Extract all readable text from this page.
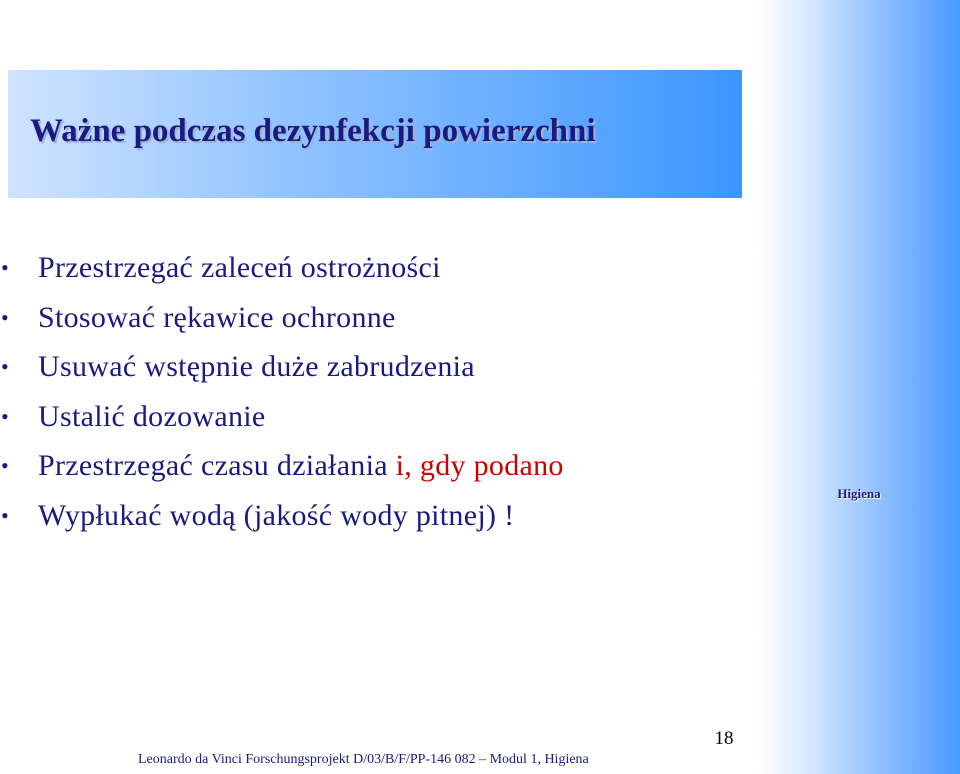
Ważne podczas dezynfekcji powierzchni
• Przestrzegać zaleceń ostrożności
• Stosować rękawice ochronne
• Usuwać wstępnie duże zabrudzenia
• Ustalić dozowanie
• Przestrzegać czasu działania i, gdy podano
• Wypłukać wodą (jakość wody pitnej) !
Higiena
18
Leonardo da Vinci Forschungsprojekt D/03/B/F/PP-146 082 – Modul 1, Higiena
